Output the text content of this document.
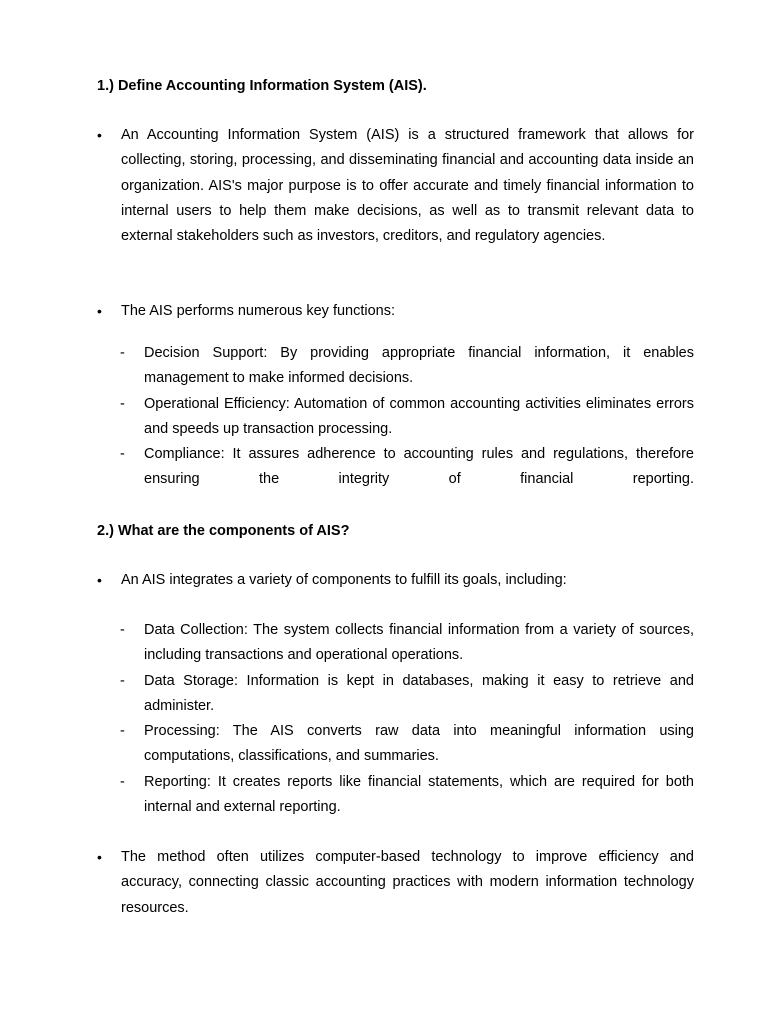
1.) Define Accounting Information System (AIS).
•	An Accounting Information System (AIS) is a structured framework that allows for collecting, storing, processing, and disseminating financial and accounting data inside an organization. AIS's major purpose is to offer accurate and timely financial information to internal users to help them make decisions, as well as to transmit relevant data to external stakeholders such as investors, creditors, and regulatory agencies.
•	The AIS performs numerous key functions:
- Decision Support: By providing appropriate financial information, it enables management to make informed decisions.
- Operational Efficiency: Automation of common accounting activities eliminates errors and speeds up transaction processing.
- Compliance: It assures adherence to accounting rules and regulations, therefore ensuring the integrity of financial reporting.
2.) What are the components of AIS?
•	An AIS integrates a variety of components to fulfill its goals, including:
- Data Collection: The system collects financial information from a variety of sources, including transactions and operational operations.
- Data Storage: Information is kept in databases, making it easy to retrieve and administer.
- Processing: The AIS converts raw data into meaningful information using computations, classifications, and summaries.
- Reporting: It creates reports like financial statements, which are required for both internal and external reporting.
•	The method often utilizes computer-based technology to improve efficiency and accuracy, connecting classic accounting practices with modern information technology resources.
